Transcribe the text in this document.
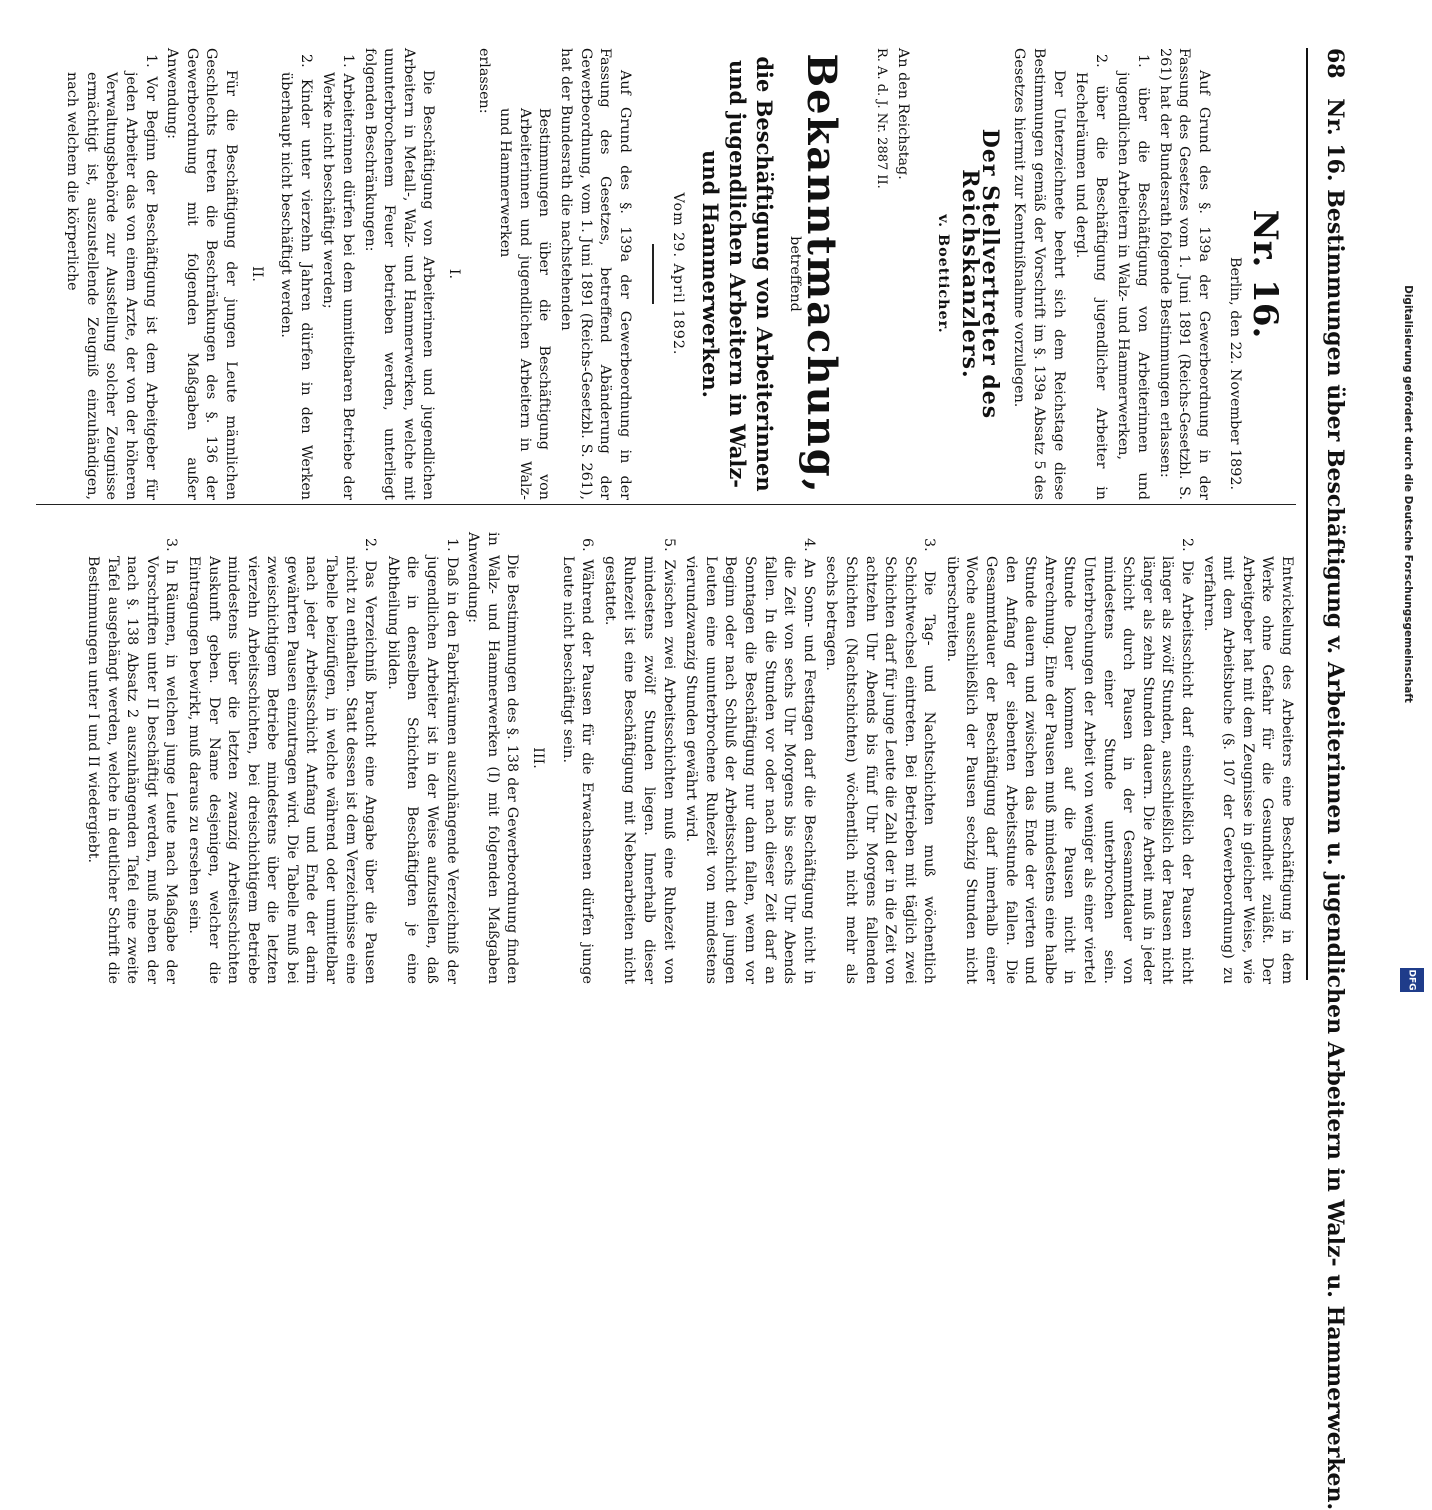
68 Nr. 16. Bestimmungen über Beschäftigung v. Arbeiterinnen u. jugendlichen Arbeitern in Walz- u. Hammerwerken.
Nr. 16.
Berlin, den 22. November 1892.

Auf Grund des §. 139a der Gewerbeordnung in der Fassung des Gesetzes vom 1. Juni 1891 (Reichs-Gesetzbl. S. 261) hat der Bundesrath folgende Bestimmungen erlassen:

1. über die Beschäftigung von Arbeiterinnen und jugendlichen Arbeitern in Walz- und Hammerwerken,

2. über die Beschäftigung jugendlicher Arbeiter in Hechelräumen und dergl.

Der Unterzeichnete beehrt sich dem Reichstage diese Bestimmungen gemäß der Vorschrift im §. 139a Absatz 5 des Gesetzes hiermit zur Kenntnißnahme vorzulegen.

Der Stellvertreter des Reichskanzlers.
v. Boetticher.

An den Reichstag.

R. A. d. J. Nr. 2887 II.

Bekanntmachung,
betreffend
die Beschäftigung von Arbeiterinnen und jugendlichen Arbeitern in Walz- und Hammerwerken.
Vom 29. April 1892.

Auf Grund des §. 139a der Gewerbeordnung in der Fassung des Gesetzes, betreffend Abänderung der Gewerbeordnung, vom 1. Juni 1891 (Reichs-Gesetzbl. S. 261), hat der Bundesrath die nachstehenden

Bestimmungen über die Beschäftigung von Arbeiterinnen und jugendlichen Arbeitern in Walz- und Hammerwerken

erlassen:

I.

Die Beschäftigung von Arbeiterinnen und jugendlichen Arbeitern in Metall-, Walz- und Hammerwerken, welche mit ununterbrochenem Feuer betrieben werden, unterliegt folgenden Beschränkungen:

1. Arbeiterinnen dürfen bei dem unmittelbaren Betriebe der Werke nicht beschäftigt werden;

2. Kinder unter vierzehn Jahren dürfen in den Werken überhaupt nicht beschäftigt werden.

II.

Für die Beschäftigung der jungen Leute männlichen Geschlechts treten die Beschränkungen des §. 136 der Gewerbeordnung mit folgenden Maßgaben außer Anwendung:

1. Vor Beginn der Beschäftigung ist dem Arbeitgeber für jeden Arbeiter das von einem Arzte, der von der höheren Verwaltungsbehörde zur Ausstellung solcher Zeugnisse ermächtigt ist, auszustellende Zeugniß einzuhändigen, nach welchem die körperliche

Entwickelung des Arbeiters eine Beschäftigung in dem Werke ohne Gefahr für die Gesundheit zuläßt. Der Arbeitgeber hat mit dem Zeugnisse in gleicher Weise, wie mit dem Arbeitsbuche (§. 107 der Gewerbeordnung) zu verfahren.

2. Die Arbeitsschicht darf einschließlich der Pausen nicht länger als zwölf Stunden, ausschließlich der Pausen nicht länger als zehn Stunden dauern. Die Arbeit muß in jeder Schicht durch Pausen in der Gesammtdauer von mindestens einer Stunde unterbrochen sein. Unterbrechungen der Arbeit von weniger als einer viertel Stunde Dauer kommen auf die Pausen nicht in Anrechnung. Eine der Pausen muß mindestens eine halbe Stunde dauern und zwischen das Ende der vierten und den Anfang der siebenten Arbeitsstunde fallen. Die Gesammtdauer der Beschäftigung darf innerhalb einer Woche ausschließlich der Pausen sechzig Stunden nicht überschreiten.

3. Die Tag- und Nachtschichten muß wöchentlich Schichtwechsel eintreten. Bei Betrieben mit täglich zwei Schichten darf für junge Leute die Zahl der in die Zeit von achtzehn Uhr Abends bis fünf Uhr Morgens fallenden Schichten (Nachtschichten) wöchentlich nicht mehr als sechs betragen.

4. An Sonn- und Festtagen darf die Beschäftigung nicht in die Zeit von sechs Uhr Morgens bis sechs Uhr Abends fallen. In die Stunden vor oder nach dieser Zeit darf an Sonntagen die Beschäftigung nur dann fallen, wenn vor Beginn oder nach Schluß der Arbeitsschicht den jungen Leuten eine ununterbrochene Ruhezeit von mindestens vierundzwanzig Stunden gewährt wird.

5. Zwischen zwei Arbeitsschichten muß eine Ruhezeit von mindestens zwölf Stunden liegen. Innerhalb dieser Ruhezeit ist eine Beschäftigung mit Nebenarbeiten nicht gestattet.

6. Während der Pausen für die Erwachsenen dürfen junge Leute nicht beschäftigt sein.

III.

Die Bestimmungen des §. 138 der Gewerbeordnung finden in Walz- und Hammerwerken (I) mit folgenden Maßgaben Anwendung:

1. Daß in den Fabrikräumen auszuhängende Verzeichniß der jugendlichen Arbeiter ist in der Weise aufzustellen, daß die in denselben Schichten Beschäftigten je eine Abtheilung bilden.

2. Das Verzeichniß braucht eine Angabe über die Pausen nicht zu enthalten. Statt dessen ist dem Verzeichnisse eine Tabelle beizufügen, in welche während oder unmittelbar nach jeder Arbeitsschicht Anfang und Ende der darin gewährten Pausen einzutragen wird. Die Tabelle muß bei zweischichtigem Betriebe mindestens über die letzten vierzehn Arbeitsschichten, bei dreischichtigem Betriebe mindestens über die letzten zwanzig Arbeitsschichten Auskunft geben. Der Name desjenigen, welcher die Eintragungen bewirkt, muß daraus zu ersehen sein.

3. In Räumen, in welchen junge Leute nach Maßgabe der Vorschriften unter II beschäftigt werden, muß neben der nach §. 138 Absatz 2 auszuhängenden Tafel eine zweite Tafel ausgehängt werden, welche in deutlicher Schrift die Bestimmungen unter I und II wiedergiebt.

Digitalisierung gefördert durch die Deutsche Forschungsgemeinschaft
DFG
